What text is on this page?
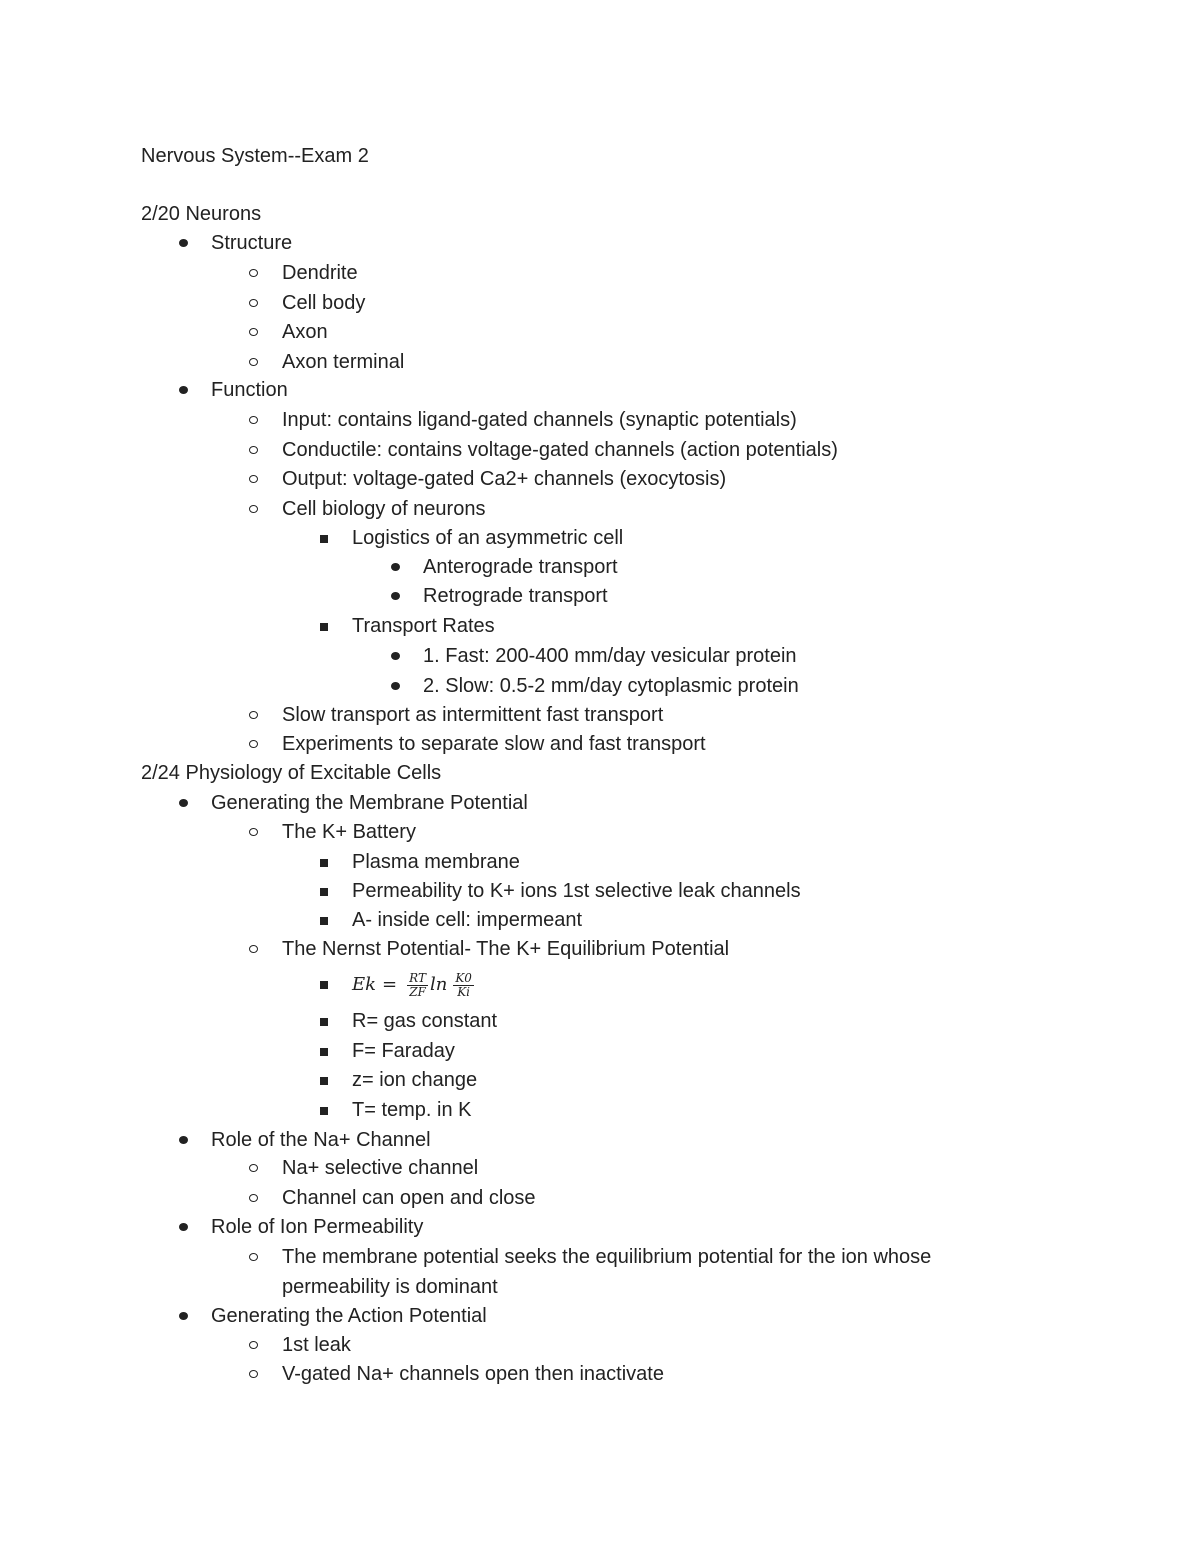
Nervous System--Exam 2
2/20 Neurons
Structure
Dendrite
Cell body
Axon
Axon terminal
Function
Input: contains ligand-gated channels (synaptic potentials)
Conductile: contains voltage-gated channels (action potentials)
Output: voltage-gated Ca2+ channels (exocytosis)
Cell biology of neurons
Logistics of an asymmetric cell
Anterograde transport
Retrograde transport
Transport Rates
1. Fast: 200-400 mm/day vesicular protein
2. Slow: 0.5-2 mm/day cytoplasmic protein
Slow transport as intermittent fast transport
Experiments to separate slow and fast transport
2/24 Physiology of Excitable Cells
Generating the Membrane Potential
The K+ Battery
Plasma membrane
Permeability to K+ ions 1st selective leak channels
A- inside cell: impermeant
The Nernst Potential- The K+ Equilibrium Potential
$Ek = \frac{RT}{ZF}$ $\ln \frac{K0}{Ki}$
R= gas constant
F= Faraday
z= ion change
T= temp. in K
Role of the Na+ Channel
Na+ selective channel
Channel can open and close
Role of Ion Permeability
The membrane potential seeks the equilibrium potential for the ion whose permeability is dominant
Generating the Action Potential
1st leak
V-gated Na+ channels open then inactivate
